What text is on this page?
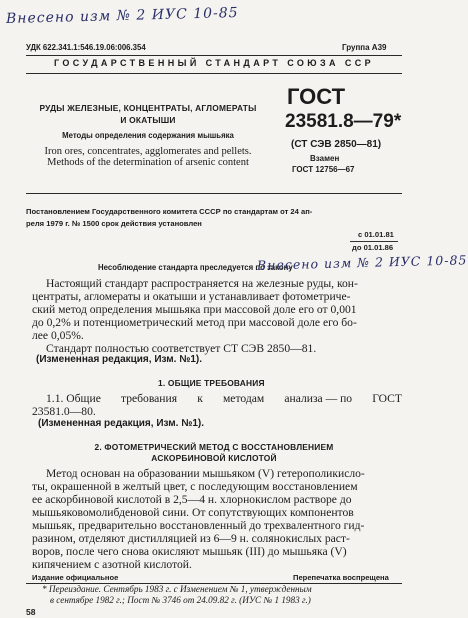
Внесено изм № 2 ИУС 10-85
УДК 622.341.1:546.19.06:006.354	Группа А39
ГОСУДАРСТВЕННЫЙ СТАНДАРТ СОЮЗА ССР
РУДЫ ЖЕЛЕЗНЫЕ, КОНЦЕНТРАТЫ, АГЛОМЕРАТЫ
И ОКАТЫШИ
Методы определения содержания мышьяка
Iron ores, concentrates, agglomerates and pellets.
Methods of the determination of arsenic content
ГОСТ
23581.8—79*
(СТ СЭВ 2850—81)
Взамен
ГОСТ 12756—67
Постановлением Государственного комитета СССР по стандартам от 24 ап-
реля 1979 г. № 1500 срок действия установлен
с 01.01.81
до 01.01.86
Несоблюдение стандарта преследуется по закону
Внесено изм № 2 ИУС 10-85
Настоящий стандарт распространяется на железные руды, кон-
центраты, агломераты и окатыши и устанавливает фотометриче-
ский метод определения мышьяка при массовой доле его от 0,001
до 0,2% и потенциометрический метод при массовой доле его бо-
лее 0,05%.
Стандарт полностью соответствует СТ СЭВ 2850—81.
(Измененная редакция, Изм. №1).
1. ОБЩИЕ ТРЕБОВАНИЯ
1.1. Общие требования к методам анализа — по ГОСТ
23581.0—80.
(Измененная редакция, Изм. №1).
2. ФОТОМЕТРИЧЕСКИЙ МЕТОД С ВОССТАНОВЛЕНИЕМ
АСКОРБИНОВОЙ КИСЛОТОЙ
Метод основан на образовании мышьяком (V) гетерополикисло-
ты, окрашенной в желтый цвет, с последующим восстановлением
ее аскорбиновой кислотой в 2,5—4 н. хлорнокислом растворе до
мышьяковомолибденовой сини. От сопутствующих компонентов
мышьяк, предварительно восстановленный до трехвалентного гид-
разином, отделяют дистилляцией из 6—9 н. солянокислых раст-
воров, после чего снова окисляют мышьяк (III) до мышьяка (V)
кипячением с азотной кислотой.
Издание официальное	Перепечатка воспрещена
* Переиздание. Сентябрь 1983 г. с Изменением № 1, утвержденным
в сентябре 1982 г.; Пост № 3746 от 24.09.82 г. (ИУС № 1 1983 г.)
58
